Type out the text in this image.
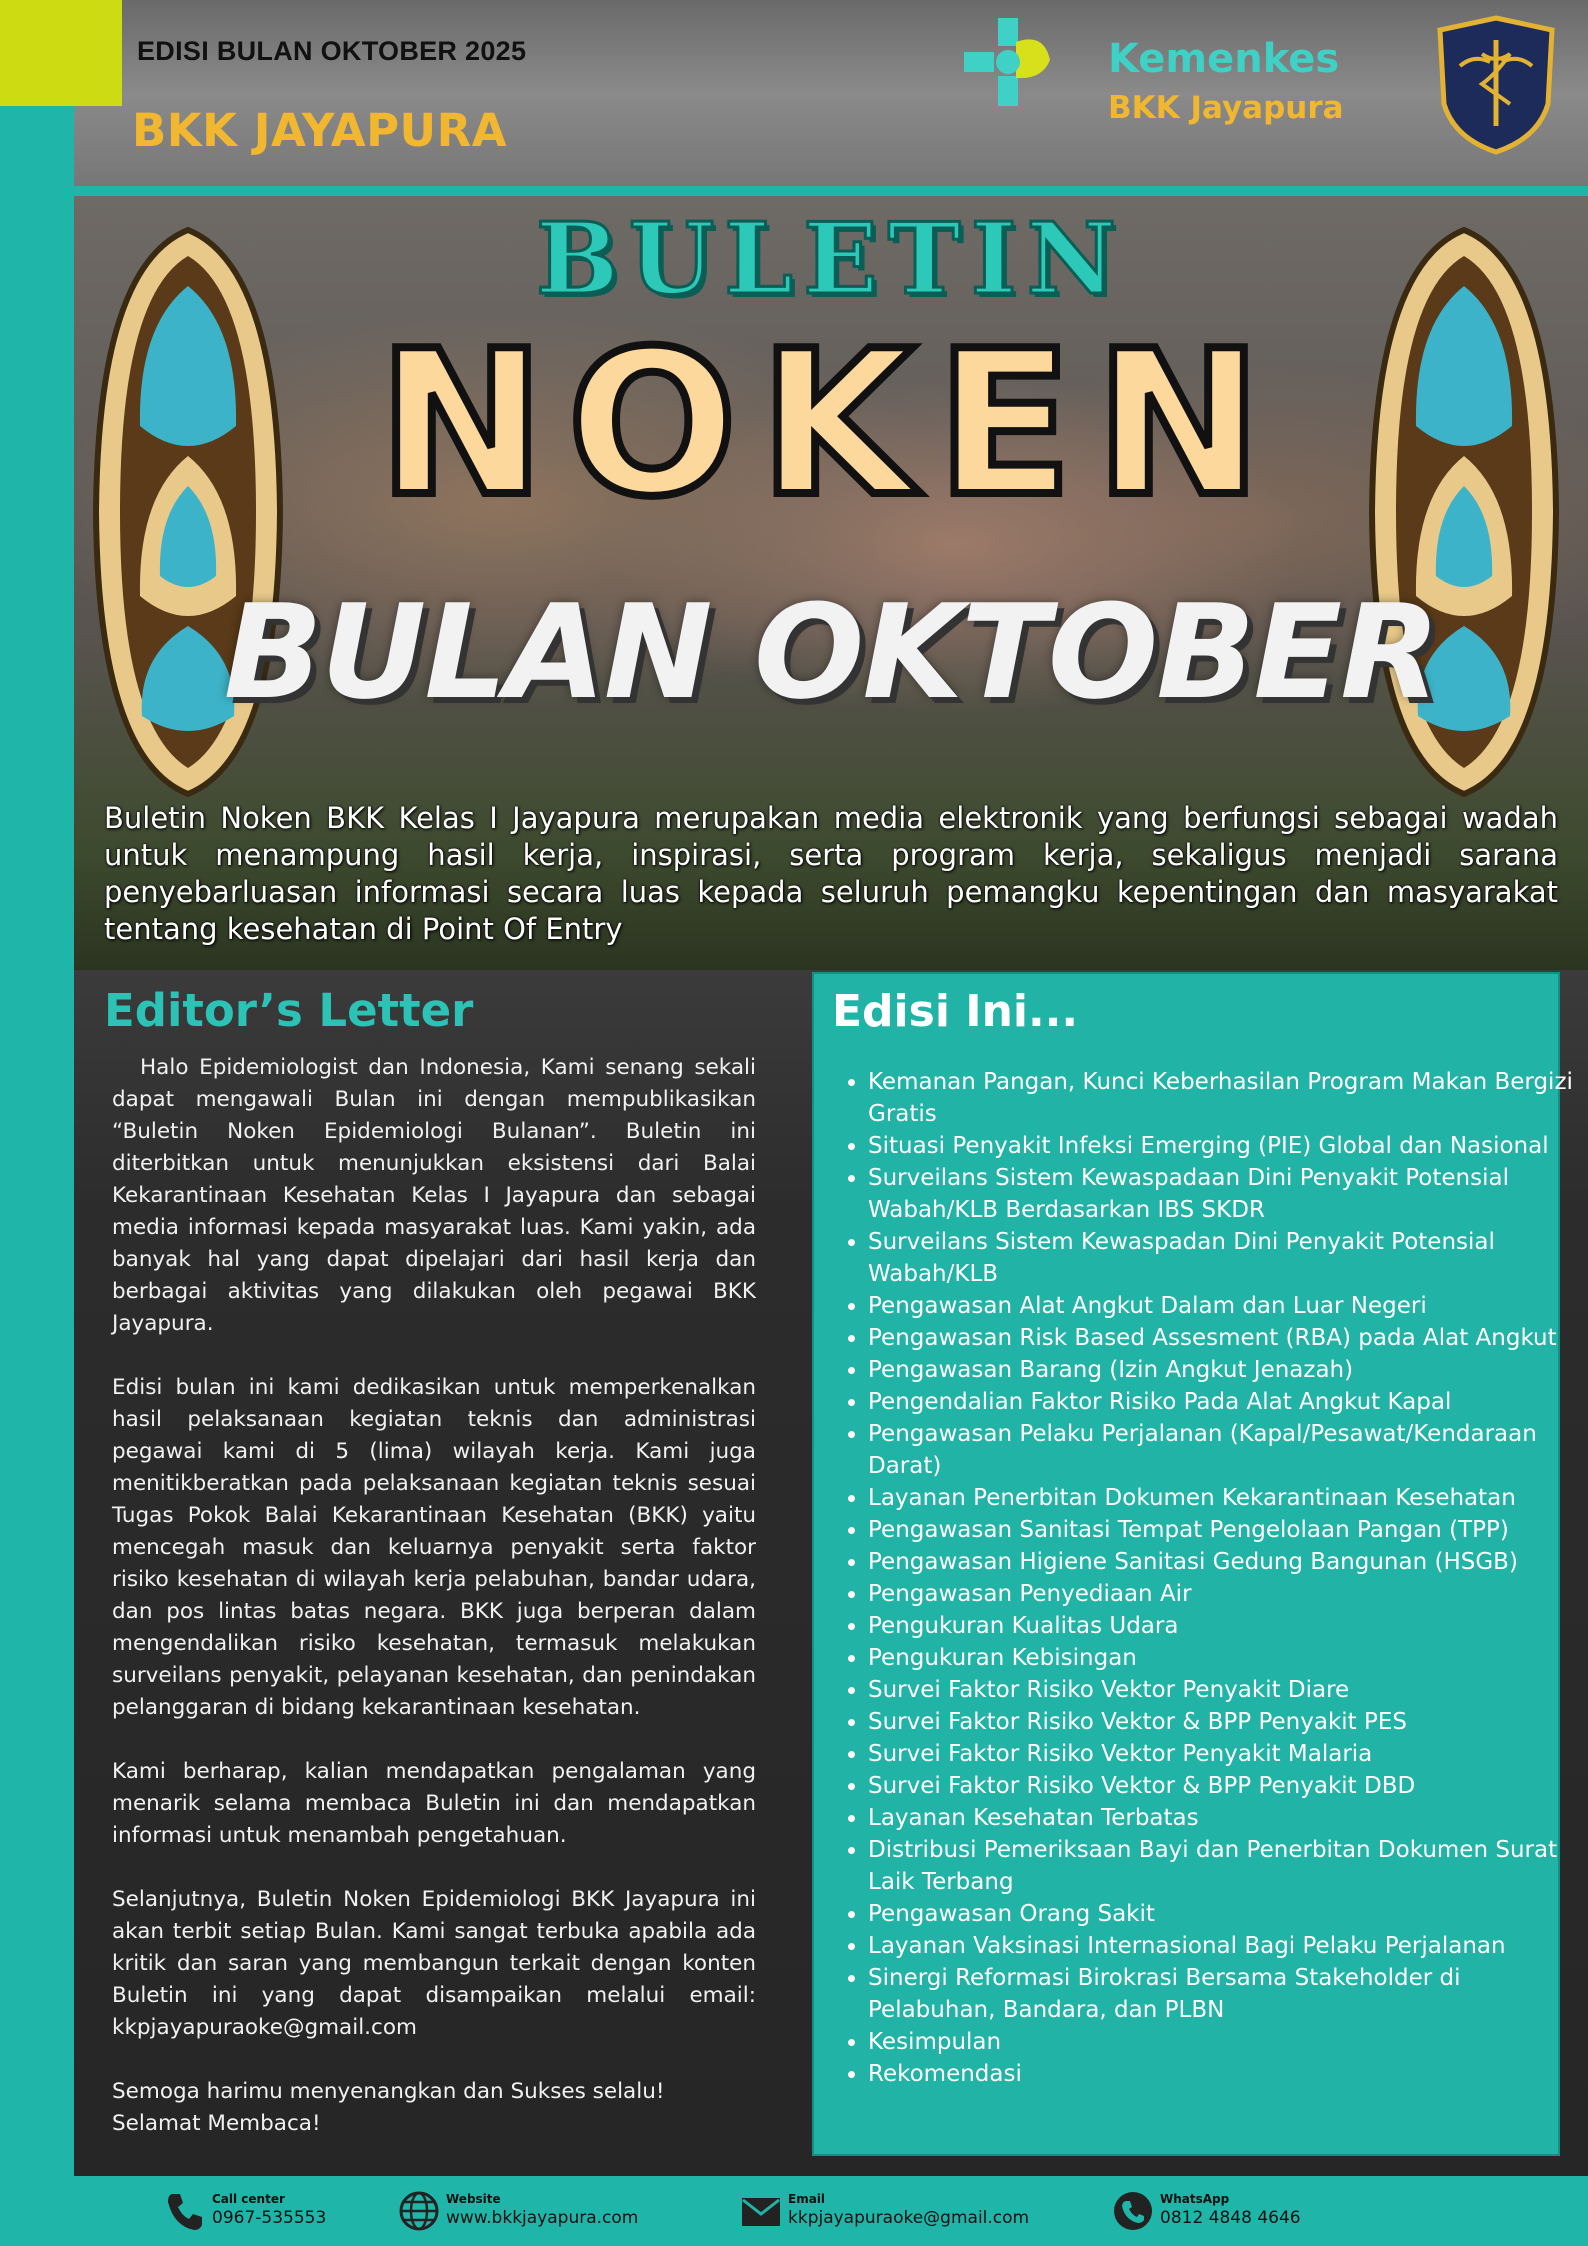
EDISI BULAN OKTOBER 2025
BKK JAYAPURA
Kemenkes
BKK Jayapura
BULETIN
NOKEN
BULAN OKTOBER
Buletin Noken BKK Kelas I Jayapura merupakan media elektronik yang berfungsi sebagai wadah untuk menampung hasil kerja, inspirasi, serta program kerja, sekaligus menjadi sarana penyebarluasan informasi secara luas kepada seluruh pemangku kepentingan dan masyarakat tentang kesehatan di Point Of Entry
Editor’s Letter

Halo Epidemiologist dan Indonesia, Kami senang sekali dapat mengawali Bulan ini dengan mempublikasikan “Buletin Noken Epidemiologi Bulanan”. Buletin ini diterbitkan untuk menunjukkan eksistensi dari Balai Kekarantinaan Kesehatan Kelas I Jayapura dan sebagai media informasi kepada masyarakat luas. Kami yakin, ada banyak hal yang dapat dipelajari dari hasil kerja dan berbagai aktivitas yang dilakukan oleh pegawai BKK Jayapura.

Edisi bulan ini kami dedikasikan untuk memperkenalkan hasil pelaksanaan kegiatan teknis dan administrasi pegawai kami di 5 (lima) wilayah kerja. Kami juga menitikberatkan pada pelaksanaan kegiatan teknis sesuai Tugas Pokok Balai Kekarantinaan Kesehatan (BKK) yaitu mencegah masuk dan keluarnya penyakit serta faktor risiko kesehatan di wilayah kerja pelabuhan, bandar udara, dan pos lintas batas negara. BKK juga berperan dalam mengendalikan risiko kesehatan, termasuk melakukan surveilans penyakit, pelayanan kesehatan, dan penindakan pelanggaran di bidang kekarantinaan kesehatan.

Kami berharap, kalian mendapatkan pengalaman yang menarik selama membaca Buletin ini dan mendapatkan informasi untuk menambah pengetahuan.

Selanjutnya, Buletin Noken Epidemiologi BKK Jayapura ini akan terbit setiap Bulan. Kami sangat terbuka apabila ada kritik dan saran yang membangun terkait dengan konten Buletin ini yang dapat disampaikan melalui email: kkpjayapuraoke@gmail.com

Semoga harimu menyenangkan dan Sukses selalu!
Selamat Membaca!

Edisi Ini...
• Kemanan Pangan, Kunci Keberhasilan Program Makan Bergizi Gratis
• Situasi Penyakit Infeksi Emerging (PIE) Global dan Nasional
• Surveilans Sistem Kewaspadaan Dini Penyakit Potensial Wabah/KLB Berdasarkan IBS SKDR
• Surveilans Sistem Kewaspadan Dini Penyakit Potensial Wabah/KLB
• Pengawasan Alat Angkut Dalam dan Luar Negeri
• Pengawasan Risk Based Assesment (RBA) pada Alat Angkut
• Pengawasan Barang (Izin Angkut Jenazah)
• Pengendalian Faktor Risiko Pada Alat Angkut Kapal
• Pengawasan Pelaku Perjalanan (Kapal/Pesawat/Kendaraan Darat)
• Layanan Penerbitan Dokumen Kekarantinaan Kesehatan
• Pengawasan Sanitasi Tempat Pengelolaan Pangan (TPP)
• Pengawasan Higiene Sanitasi Gedung Bangunan (HSGB)
• Pengawasan Penyediaan Air
• Pengukuran Kualitas Udara
• Pengukuran Kebisingan
• Survei Faktor Risiko Vektor Penyakit Diare
• Survei Faktor Risiko Vektor & BPP Penyakit PES
• Survei Faktor Risiko Vektor Penyakit Malaria
• Survei Faktor Risiko Vektor & BPP Penyakit DBD
• Layanan Kesehatan Terbatas
• Distribusi Pemeriksaan Bayi dan Penerbitan Dokumen Surat Laik Terbang
• Pengawasan Orang Sakit
• Layanan Vaksinasi Internasional Bagi Pelaku Perjalanan
• Sinergi Reformasi Birokrasi Bersama Stakeholder di Pelabuhan, Bandara, dan PLBN
• Kesimpulan
• Rekomendasi
Call center
0967-535553
Website
www.bkkjayapura.com
Email
kkpjayapuraoke@gmail.com
WhatsApp
0812 4848 4646
